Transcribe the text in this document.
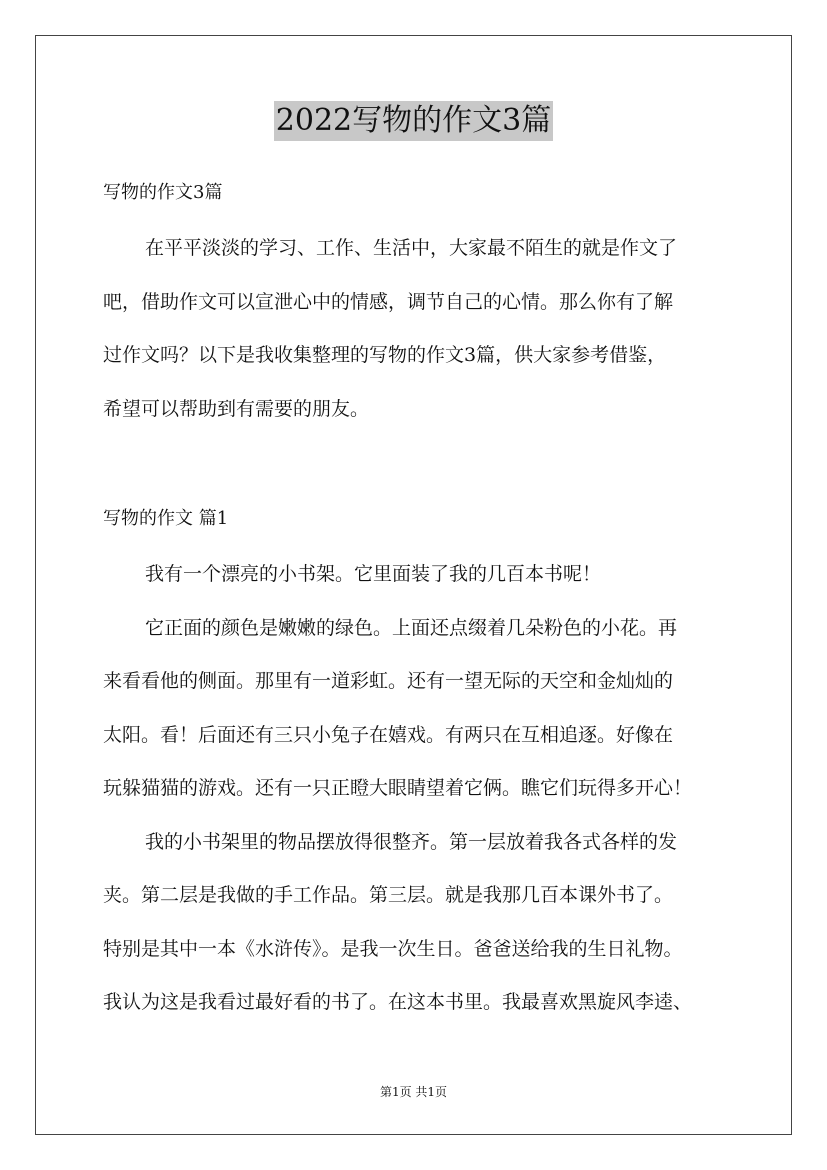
2022写物的作文3篇
写物的作文3篇
在平平淡淡的学习、工作、生活中，大家最不陌生的就是作文了
吧，借助作文可以宣泄心中的情感，调节自己的心情。那么你有了解
过作文吗？以下是我收集整理的写物的作文3篇，供大家参考借鉴，
希望可以帮助到有需要的朋友。
写物的作文 篇1
我有一个漂亮的小书架。它里面装了我的几百本书呢！
它正面的颜色是嫩嫩的绿色。上面还点缀着几朵粉色的小花。再
来看看他的侧面。那里有一道彩虹。还有一望无际的天空和金灿灿的
太阳。看！后面还有三只小兔子在嬉戏。有两只在互相追逐。好像在
玩躲猫猫的游戏。还有一只正瞪大眼睛望着它俩。瞧它们玩得多开心！
我的小书架里的物品摆放得很整齐。第一层放着我各式各样的发
夹。第二层是我做的手工作品。第三层。就是我那几百本课外书了。
特别是其中一本《水浒传》。是我一次生日。爸爸送给我的生日礼物。
我认为这是我看过最好看的书了。在这本书里。我最喜欢黑旋风李逵、
第1页 共1页
